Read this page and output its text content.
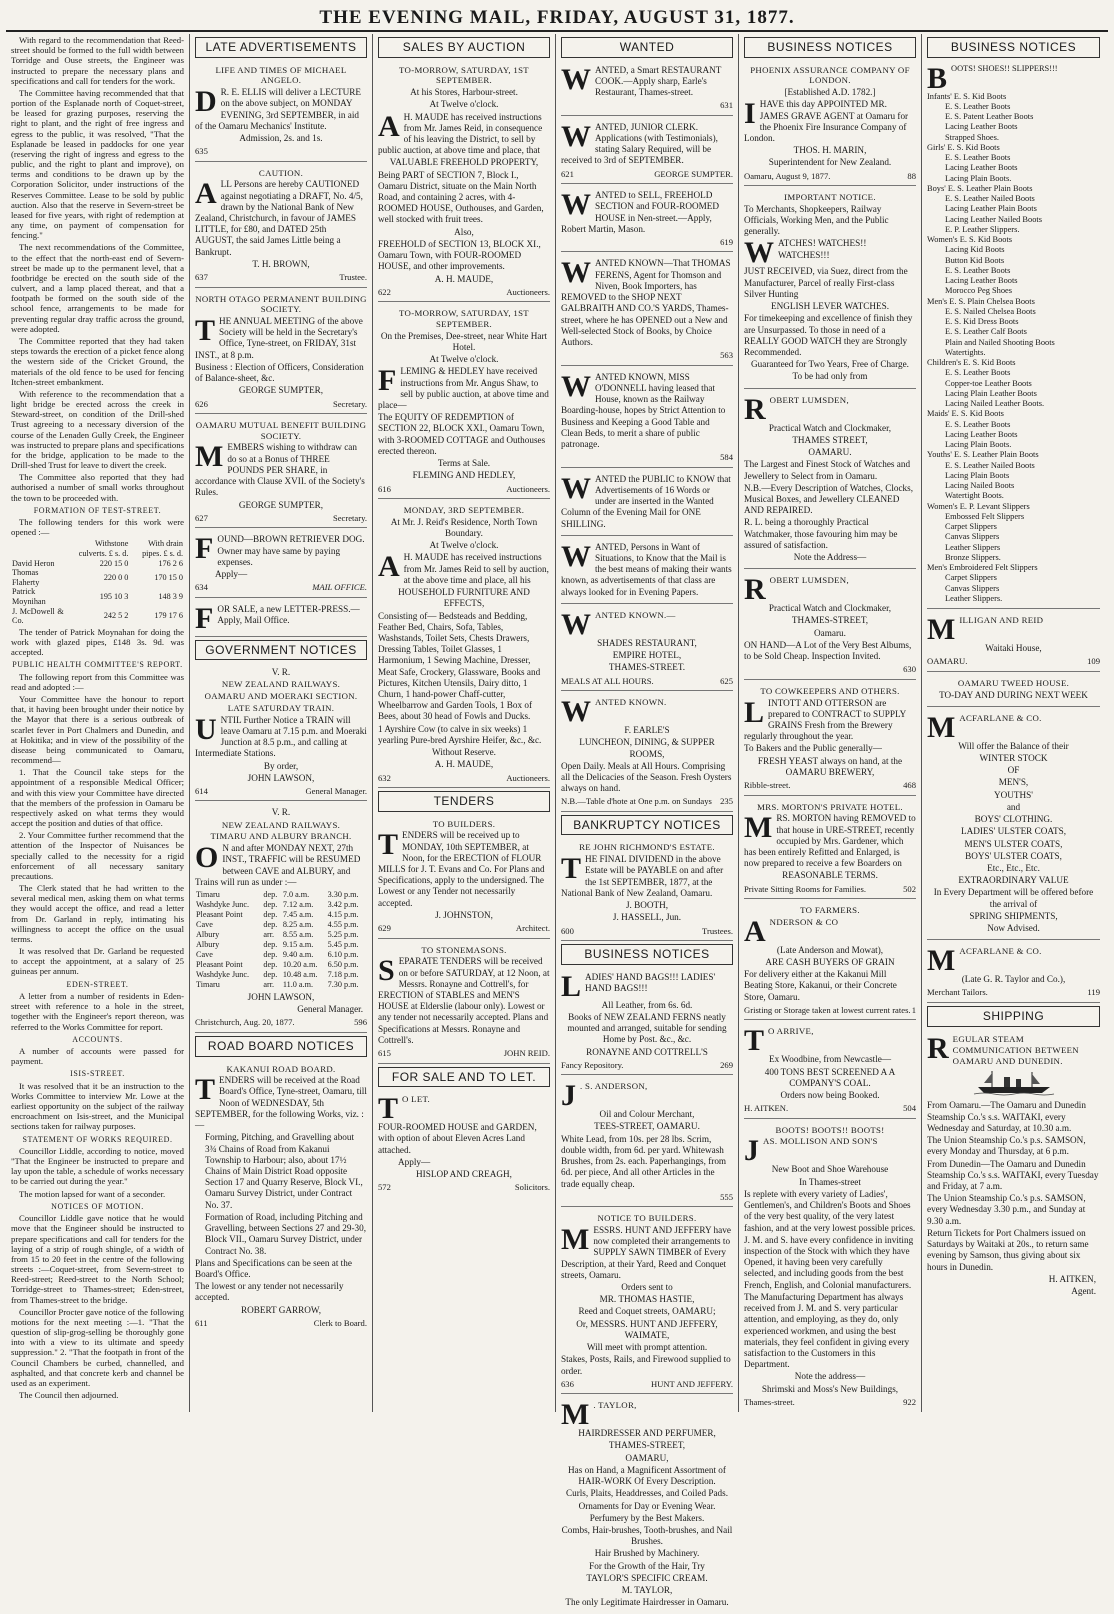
THE EVENING MAIL, FRIDAY, AUGUST 31, 1877.

With regard to the recommendation that Reed-street should be formed to the full width between Torridge and Ouse streets, the Engineer was instructed to prepare the necessary plans and specifications and call for tenders for the work.

The Committee having recommended that that portion of the Esplanade north of Coquet-street, be leased for grazing purposes, reserving the right to plant, and the right of free ingress and egress to the public, it was resolved, "That the Esplanade be leased in paddocks for one year (reserving the right of ingress and egress to the public, and the right to plant and improve), on terms and conditions to be drawn up by the Corporation Solicitor, under instructions of the Reserves Committee. Lease to be sold by public auction. Also that the reserve in Severn-street be leased for five years, with right of redemption at any time, on payment of compensation for fencing."

The next recommendations of the Committee, to the effect that the north-east end of Severn-street be made up to the permanent level, that a footbridge be erected on the south side of the culvert, and a lamp placed thereat, and that a footpath be formed on the south side of the school fence, arrangements to be made for preventing regular dray traffic across the ground, were adopted.

The Committee reported that they had taken steps towards the erection of a picket fence along the western side of the Cricket Ground, the materials of the old fence to be used for fencing Itchen-street embankment.

With reference to the recommendation that a light bridge be erected across the creek in Steward-street, on condition of the Drill-shed Trust agreeing to a necessary diversion of the course of the Lenaden Gully Creek, the Engineer was instructed to prepare plans and specifications for the bridge, application to be made to the Drill-shed Trust for leave to divert the creek.

The Committee also reported that they had authorised a number of small works throughout the town to be proceeded with.

FORMATION OF TEST-STREET.

The following tenders for this work were opened :—

	Withstone culverts. £ s. d.	With drain pipes. £ s. d.
David Heron	220 15 0	176 2 6
Thomas Flaherty	220 0 0	170 15 0
Patrick Moynihan	195 10 3	148 3 9
J. McDowell & Co.	242 5 2	179 17 6

The tender of Patrick Moynahan for doing the work with glazed pipes, £148 3s. 9d. was accepted.

PUBLIC HEALTH COMMITTEE'S REPORT.

The following report from this Committee was read and adopted :—

Your Committee have the honour to report that, it having been brought under their notice by the Mayor that there is a serious outbreak of scarlet fever in Port Chalmers and Dunedin, and at Hokitika; and in view of the possibility of the disease being communicated to Oamaru, recommend—

1. That the Council take steps for the appointment of a responsible Medical Officer; and with this view your Committee have directed that the members of the profession in Oamaru be respectively asked on what terms they would accept the position and duties of that office.

2. Your Committee further recommend that the attention of the Inspector of Nuisances be specially called to the necessity for a rigid enforcement of all necessary sanitary precautions.

The Clerk stated that he had written to the several medical men, asking them on what terms they would accept the office, and read a letter from Dr. Garland in reply, intimating his willingness to accept the office on the usual terms.

It was resolved that Dr. Garland be requested to accept the appointment, at a salary of 25 guineas per annum.

EDEN-STREET.

A letter from a number of residents in Eden-street with reference to a hole in the street, together with the Engineer's report thereon, was referred to the Works Committee for report.

ACCOUNTS.

A number of accounts were passed for payment.

ISIS-STREET.

It was resolved that it be an instruction to the Works Committee to interview Mr. Lowe at the earliest opportunity on the subject of the railway encroachment on Isis-street, and the Municipal sections taken for railway purposes.

STATEMENT OF WORKS REQUIRED.

Councillor Liddle, according to notice, moved "That the Engineer be instructed to prepare and lay upon the table, a schedule of works necessary to be carried out during the year."

The motion lapsed for want of a seconder.

NOTICES OF MOTION.

Councillor Liddle gave notice that he would move that the Engineer should be instructed to prepare specifications and call for tenders for the laying of a strip of rough shingle, of a width of from 15 to 20 feet in the centre of the following streets :—Coquet-street, from Severn-street to Reed-street; Reed-street to the North School; Torridge-street to Thames-street; Eden-street, from Thames-street to the bridge.

Councillor Procter gave notice of the following motions for the next meeting :—1. "That the question of slip-grog-selling be thoroughly gone into with a view to its ultimate and speedy suppression." 2. "That the footpath in front of the Council Chambers be curbed, channelled, and asphalted, and that concrete kerb and channel be used as an experiment.

The Council then adjourned.

LATE ADVERTISEMENTS

LIFE AND TIMES OF MICHAEL ANGELO.

D R. E. ELLIS will deliver a LECTURE on the above subject, on MONDAY EVENING, 3rd SEPTEMBER, in aid of the Oamaru Mechanics' Institute.

Admission, 2s. and 1s.

635

CAUTION.

ALL Persons are hereby CAUTIONED against negotiating a DRAFT, No. 4/5, drawn by the National Bank of New Zealand, Christchurch, in favour of JAMES LITTLE, for £80, and DATED 25th AUGUST, the said James Little being a Bankrupt.

T. H. BROWN,

637	Trustee.

NORTH OTAGO PERMANENT BUILDING SOCIETY.

THE ANNUAL MEETING of the above Society will be held in the Secretary's Office, Tyne-street, on FRIDAY, 31st INST., at 8 p.m.

Business : Election of Officers, Consideration of Balance-sheet, &c.

GEORGE SUMPTER,

626	Secretary.

OAMARU MUTUAL BENEFIT BUILDING SOCIETY.

MEMBERS wishing to withdraw can do so at a Bonus of THREE POUNDS PER SHARE, in accordance with Clause XVII. of the Society's Rules.

GEORGE SUMPTER,

627	Secretary.

FOUND—BROWN RETRIEVER DOG. Owner may have same by paying expenses.

Apply—

634	MAIL OFFICE.

FOR SALE, a new LETTER-PRESS.— Apply, Mail Office.

GOVERNMENT NOTICES

V. R.

NEW ZEALAND RAILWAYS.

OAMARU AND MOERAKI SECTION.

LATE SATURDAY TRAIN.

UNTIL Further Notice a TRAIN will leave Oamaru at 7.15 p.m. and Moeraki Junction at 8.5 p.m., and calling at Intermediate Stations.

By order,

JOHN LAWSON,

614	General Manager.

V. R.

NEW ZEALAND RAILWAYS.

TIMARU AND ALBURY BRANCH.

O N and after MONDAY NEXT, 27th INST., TRAFFIC will be RESUMED between CAVE and ALBURY, and Trains will run as under :—

Timaru	dep.	7.0 a.m.	3.30 p.m.
Washdyke Junc.	dep.	7.12 a.m.	3.42 p.m.
Pleasant Point	dep.	7.45 a.m.	4.15 p.m.
Cave	dep.	8.25 a.m.	4.55 p.m.
Albury	arr.	8.55 a.m.	5.25 p.m.
Albury	dep.	9.15 a.m.	5.45 p.m.
Cave	dep.	9.40 a.m.	6.10 p.m.
Pleasant Point	dep.	10.20 a.m.	6.50 p.m.
Washdyke Junc.	dep.	10.48 a.m.	7.18 p.m.
Timaru	arr.	11.0 a.m.	7.30 p.m.

JOHN LAWSON,

General Manager.

Christchurch, Aug. 20, 1877.	596
ROAD BOARD NOTICES

KAKANUI ROAD BOARD.

TENDERS will be received at the Road Board's Office, Tyne-street, Oamaru, till Noon of WEDNESDAY, 5th SEPTEMBER, for the following Works, viz. :—

Forming, Pitching, and Gravelling about 3¾ Chains of Road from Kakanui Township to Harbour; also, about 17½ Chains of Main District Road opposite Section 17 and Quarry Reserve, Block VI., Oamaru Survey District, under Contract No. 37.

Formation of Road, including Pitching and Gravelling, between Sections 27 and 29-30, Block VII., Oamaru Survey District, under Contract No. 38.

Plans and Specifications can be seen at the Board's Office.

The lowest or any tender not necessarily accepted.

ROBERT GARROW,

611	Clerk to Board.
SALES BY AUCTION

TO-MORROW, SATURDAY, 1ST SEPTEMBER.

At his Stores, Harbour-street.

At Twelve o'clock.

A H. MAUDE has received instructions from Mr. James Reid, in consequence of his leaving the District, to sell by public auction, at above time and place, that

VALUABLE FREEHOLD PROPERTY,

Being PART of SECTION 7, Block I., Oamaru District, situate on the Main North Road, and containing 2 acres, with 4-ROOMED HOUSE, Outhouses, and Garden, well stocked with fruit trees.

Also,

FREEHOLD of SECTION 13, BLOCK XI., Oamaru Town, with FOUR-ROOMED HOUSE, and other improvements.

A. H. MAUDE,

622	Auctioneers.

TO-MORROW, SATURDAY, 1ST SEPTEMBER.

On the Premises, Dee-street, near White Hart Hotel.

At Twelve o'clock.

FLEMING & HEDLEY have received instructions from Mr. Angus Shaw, to sell by public auction, at above time and place—

The EQUITY OF REDEMPTION of SECTION 22, BLOCK XXI., Oamaru Town, with 3-ROOMED COTTAGE and Outhouses erected thereon.

Terms at Sale.

FLEMING AND HEDLEY,

616	Auctioneers.

MONDAY, 3RD SEPTEMBER.

At Mr. J. Reid's Residence, North Town Boundary.

At Twelve o'clock.

A H. MAUDE has received instructions from Mr. James Reid to sell by auction, at the above time and place, all his

HOUSEHOLD FURNITURE AND EFFECTS,

Consisting of— Bedsteads and Bedding, Feather Bed, Chairs, Sofa, Tables, Washstands, Toilet Sets, Chests Drawers, Dressing Tables, Toilet Glasses, 1 Harmonium, 1 Sewing Machine, Dresser, Meat Safe, Crockery, Glassware, Books and Pictures, Kitchen Utensils, Dairy ditto, 1 Churn, 1 hand-power Chaff-cutter, Wheelbarrow and Garden Tools, 1 Box of Bees, about 30 head of Fowls and Ducks.

1 Ayrshire Cow (to calve in six weeks) 1 yearling Pure-bred Ayrshire Heifer, &c., &c.

Without Reserve.

A. H. MAUDE,

632	Auctioneers.
TENDERS

TO BUILDERS.

TENDERS will be received up to MONDAY, 10th SEPTEMBER, at Noon, for the ERECTION of FLOUR MILLS for J. T. Evans and Co. For Plans and Specifications, apply to the undersigned. The Lowest or any Tender not necessarily accepted.

J. JOHNSTON,

629	Architect.

TO STONEMASONS.

SEPARATE TENDERS will be received on or before SATURDAY, at 12 Noon, at Messrs. Ronayne and Cottrell's, for ERECTION of STABLES and MEN'S HOUSE at Elderslie (labour only). Lowest or any tender not necessarily accepted. Plans and Specifications at Messrs. Ronayne and Cottrell's.

615	JOHN REID.
FOR SALE AND TO LET.

T O LET.

FOUR-ROOMED HOUSE and GARDEN, with option of about Eleven Acres Land attached.

Apply—

HISLOP AND CREAGH,

572	Solicitors.
WANTED

WANTED, a Smart RESTAURANT COOK.—Apply sharp, Earle's Restaurant, Thames-street.

631

WANTED, JUNIOR CLERK. Applications (with Testimonials), stating Salary Required, will be received to 3rd of SEPTEMBER.

621	GEORGE SUMPTER.

WANTED to SELL, FREEHOLD SECTION and FOUR-ROOMED HOUSE in Nen-street.—Apply, Robert Martin, Mason.

619

WANTED KNOWN—That THOMAS FERENS, Agent for Thomson and Niven, Book Importers, has REMOVED to the SHOP NEXT GALBRAITH AND CO.'S YARDS, Thames-street, where he has OPENED out a New and Well-selected Stock of Books, by Choice Authors.

563

WANTED KNOWN, MISS O'DONNELL having leased that House, known as the Railway Boarding-house, hopes by Strict Attention to Business and Keeping a Good Table and Clean Beds, to merit a share of public patronage.

584

WANTED the PUBLIC to KNOW that Advertisements of 16 Words or under are inserted in the Wanted Column of the Evening Mail for ONE SHILLING.

WANTED, Persons in Want of Situations, to Know that the Mail is the best means of making their wants known, as advertisements of that class are always looked for in Evening Papers.

WANTED KNOWN.—

SHADES RESTAURANT,

EMPIRE HOTEL,

THAMES-STREET.

MEALS AT ALL HOURS.	625

WANTED KNOWN.

F. EARLE'S

LUNCHEON, DINING, & SUPPER ROOMS,

Open Daily. Meals at All Hours. Comprising all the Delicacies of the Season. Fresh Oysters always on hand.

N.B.—Table d'hote at One p.m. on Sundays 235
BANKRUPTCY NOTICES

RE JOHN RICHMOND'S ESTATE.

THE FINAL DIVIDEND in the above Estate will be PAYABLE on and after the 1st SEPTEMBER, 1877, at the National Bank of New Zealand, Oamaru.

J. BOOTH,

J. HASSELL, Jun.

600	Trustees.
BUSINESS NOTICES

LADIES' HAND BAGS!!! LADIES' HAND BAGS!!!

All Leather, from 6s. 6d.

Books of NEW ZEALAND FERNS neatly mounted and arranged, suitable for sending Home by Post. &c., &c.

RONAYNE AND COTTRELL'S

Fancy Repository.	269

J . S. ANDERSON,

Oil and Colour Merchant,

TEES-STREET, OAMARU.

White Lead, from 10s. per 28 lbs. Scrim, double width, from 6d. per yard. Whitewash Brushes, from 2s. each. Paperhangings, from 6d. per piece, And all other Articles in the trade equally cheap.

555

NOTICE TO BUILDERS.

MESSRS. HUNT AND JEFFERY have now completed their arrangements to SUPPLY SAWN TIMBER of Every Description, at their Yard, Reed and Conquet streets, Oamaru.

Orders sent to

MR. THOMAS HASTIE,

Reed and Coquet streets, OAMARU;

Or, MESSRS. HUNT AND JEFFERY, WAIMATE,

Will meet with prompt attention.

Stakes, Posts, Rails, and Firewood supplied to order.

636	HUNT AND JEFFERY.

M . TAYLOR,

HAIRDRESSER AND PERFUMER,

THAMES-STREET,

OAMARU,

Has on Hand, a Magnificent Assortment of HAIR-WORK Of Every Description.

Curls, Plaits, Headdresses, and Coiled Pads.

Ornaments for Day or Evening Wear.

Perfumery by the Best Makers.

Combs, Hair-brushes, Tooth-brushes, and Nail Brushes.

Hair Brushed by Machinery.

For the Growth of the Hair, Try

TAYLOR'S SPECIFIC CREAM.

M. TAYLOR,

The only Legitimate Hairdresser in Oamaru.

BUSINESS NOTICES

PHOENIX ASSURANCE COMPANY OF LONDON.

[Established A.D. 1782.]

IHAVE this day APPOINTED MR. JAMES GRAVE AGENT at Oamaru for the Phoenix Fire Insurance Company of London.

THOS. H. MARIN,

Superintendent for New Zealand.

Oamaru, August 9, 1877.	88

IMPORTANT NOTICE.

To Merchants, Shopkeepers, Railway Officials, Working Men, and the Public generally.

WATCHES! WATCHES!! WATCHES!!!

JUST RECEIVED, via Suez, direct from the Manufacturer, Parcel of really First-class Silver Hunting

ENGLISH LEVER WATCHES.

For timekeeping and excellence of finish they are Unsurpassed. To those in need of a REALLY GOOD WATCH they are Strongly Recommended.

Guaranteed for Two Years, Free of Charge.

To be had only from

ROBERT LUMSDEN,

Practical Watch and Clockmaker,

THAMES STREET,

OAMARU.

The Largest and Finest Stock of Watches and Jewellery to Select from in Oamaru.

N.B.—Every Description of Watches, Clocks, Musical Boxes, and Jewellery CLEANED AND REPAIRED.

R. L. being a thoroughly Practical Watchmaker, those favouring him may be assured of satisfaction.

Note the Address—

ROBERT LUMSDEN,

Practical Watch and Clockmaker,

THAMES-STREET,

Oamaru.

ON HAND—A Lot of the Very Best Albums, to be Sold Cheap. Inspection Invited.

630

TO COWKEEPERS AND OTHERS.

LINTOTT AND OTTERSON are prepared to CONTRACT to SUPPLY GRAINS Fresh from the Brewery regularly throughout the year.

To Bakers and the Public generally—

FRESH YEAST always on hand, at the OAMARU BREWERY,

Ribble-street.	468

MRS. MORTON'S PRIVATE HOTEL.

MRS. MORTON having REMOVED to that house in URE-STREET, recently occupied by Mrs. Gardener, which has been entirely Refitted and Enlarged, is now prepared to receive a few Boarders on

REASONABLE TERMS.

Private Sitting Rooms for Families.	502

TO FARMERS.

ANDERSON & CO

(Late Anderson and Mowat),

ARE CASH BUYERS OF GRAIN

For delivery either at the Kakanui Mill Beating Store, Kakanui, or their Concrete Store, Oamaru.

Gristing or Storage taken at lowest current rates. 1

T O ARRIVE,

Ex Woodbine, from Newcastle—

400 TONS BEST SCREENED A A COMPANY'S COAL.

Orders now being Booked.

H. AITKEN.	504

BOOTS! BOOTS!! BOOTS!

JAS. MOLLISON AND SON'S

New Boot and Shoe Warehouse

In Thames-street

Is replete with every variety of Ladies', Gentlemen's, and Children's Boots and Shoes of the very best quality, of the very latest fashion, and at the very lowest possible prices.

J. M. and S. have every confidence in inviting inspection of the Stock with which they have Opened, it having been very carefully selected, and including goods from the best French, English, and Colonial manufacturers.

The Manufacturing Department has always received from J. M. and S. very particular attention, and employing, as they do, only experienced workmen, and using the best materials, they feel confident in giving every satisfaction to the Customers in this Department.

Note the address—

Shrimski and Moss's New Buildings,

Thames-street.	922
BUSINESS NOTICES

BOOTS! SHOES!! SLIPPERS!!!

Infants' E. S. Kid Boots

E. S. Leather Boots

E. S. Patent Leather Boots

Lacing Leather Boots

Strapped Shoes.

Girls' E. S. Kid Boots

E. S. Leather Boots

Lacing Leather Boots

Lacing Plain Boots.

Boys' E. S. Leather Plain Boots

E. S. Leather Nailed Boots

Lacing Leather Plain Boots

Lacing Leather Nailed Boots

E. P. Leather Slippers.

Women's E. S. Kid Boots

Lacing Kid Boots

Button Kid Boots

E. S. Leather Boots

Lacing Leather Boots

Morocco Peg Shoes

Men's E. S. Plain Chelsea Boots

E. S. Nailed Chelsea Boots

E. S. Kid Dress Boots

E. S. Leather Calf Boots

Plain and Nailed Shooting Boots

Watertights.

Children's E. S. Kid Boots

E. S. Leather Boots

Copper-toe Leather Boots

Lacing Plain Leather Boots

Lacing Nailed Leather Boots.

Maids' E. S. Kid Boots

E. S. Leather Boots

Lacing Leather Boots

Lacing Plain Boots.

Youths' E. S. Leather Plain Boots

E. S. Leather Nailed Boots

Lacing Plain Boots

Lacing Nailed Boots

Watertight Boots.

Women's E. P. Levant Slippers

Embossed Felt Slippers

Carpet Slippers

Canvas Slippers

Leather Slippers

Bronze Slippers.

Men's Embroidered Felt Slippers

Carpet Slippers

Canvas Slippers

Leather Slippers.

MILLIGAN AND REID

Waitaki House,

OAMARU.	109

OAMARU TWEED HOUSE.

TO-DAY AND DURING NEXT WEEK

MACFARLANE & CO.

Will offer the Balance of their

WINTER STOCK

OF

MEN'S,

YOUTHS'

and

BOYS' CLOTHING.

LADIES' ULSTER COATS,

MEN'S ULSTER COATS,

BOYS' ULSTER COATS,

Etc., Etc., Etc.

EXTRAORDINARY VALUE

In Every Department will be offered before the arrival of

SPRING SHIPMENTS,

Now Advised.

MACFARLANE & CO.

(Late G. R. Taylor and Co.),

Merchant Tailors.	119
SHIPPING

REGULAR STEAM COMMUNICATION BETWEEN OAMARU AND DUNEDIN.

From Oamaru.—The Oamaru and Dunedin Steamship Co.'s s.s. WAITAKI, every Wednesday and Saturday, at 10.30 a.m.

The Union Steamship Co.'s p.s. SAMSON, every Monday and Thursday, at 6 p.m.

From Dunedin—The Oamaru and Dunedin Steamship Co.'s s.s. WAITAKI, every Tuesday and Friday, at 7 a.m.

The Union Steamship Co.'s p.s. SAMSON, every Wednesday 3.30 p.m., and Sunday at 9.30 a.m.

Return Tickets for Port Chalmers issued on Saturdays by Waitaki at 20s., to return same evening by Samson, thus giving about six hours in Dunedin.

H. AITKEN,

Agent.
